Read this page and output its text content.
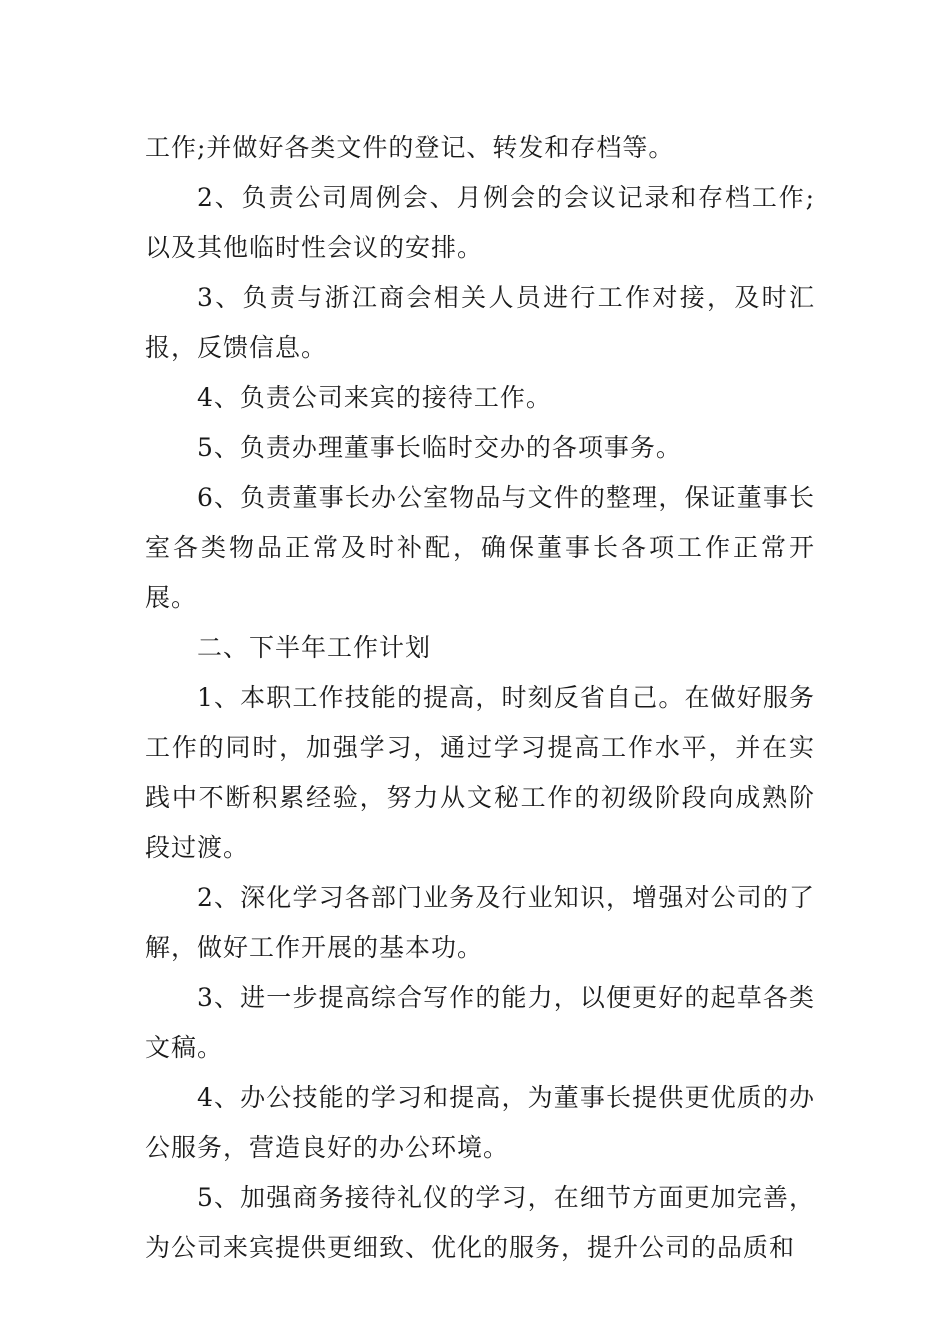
工作;并做好各类文件的登记、转发和存档等。

2、负责公司周例会、月例会的会议记录和存档工作;以及其他临时性会议的安排。

3、负责与浙江商会相关人员进行工作对接，及时汇报，反馈信息。

4、负责公司来宾的接待工作。

5、负责办理董事长临时交办的各项事务。

6、负责董事长办公室物品与文件的整理，保证董事长室各类物品正常及时补配，确保董事长各项工作正常开展。

二、下半年工作计划

1、本职工作技能的提高，时刻反省自己。在做好服务工作的同时，加强学习，通过学习提高工作水平，并在实践中不断积累经验，努力从文秘工作的初级阶段向成熟阶段过渡。

2、深化学习各部门业务及行业知识，增强对公司的了解，做好工作开展的基本功。

3、进一步提高综合写作的能力，以便更好的起草各类文稿。

4、办公技能的学习和提高，为董事长提供更优质的办公服务，营造良好的办公环境。

5、加强商务接待礼仪的学习，在细节方面更加完善，为公司来宾提供更细致、优化的服务，提升公司的品质和
